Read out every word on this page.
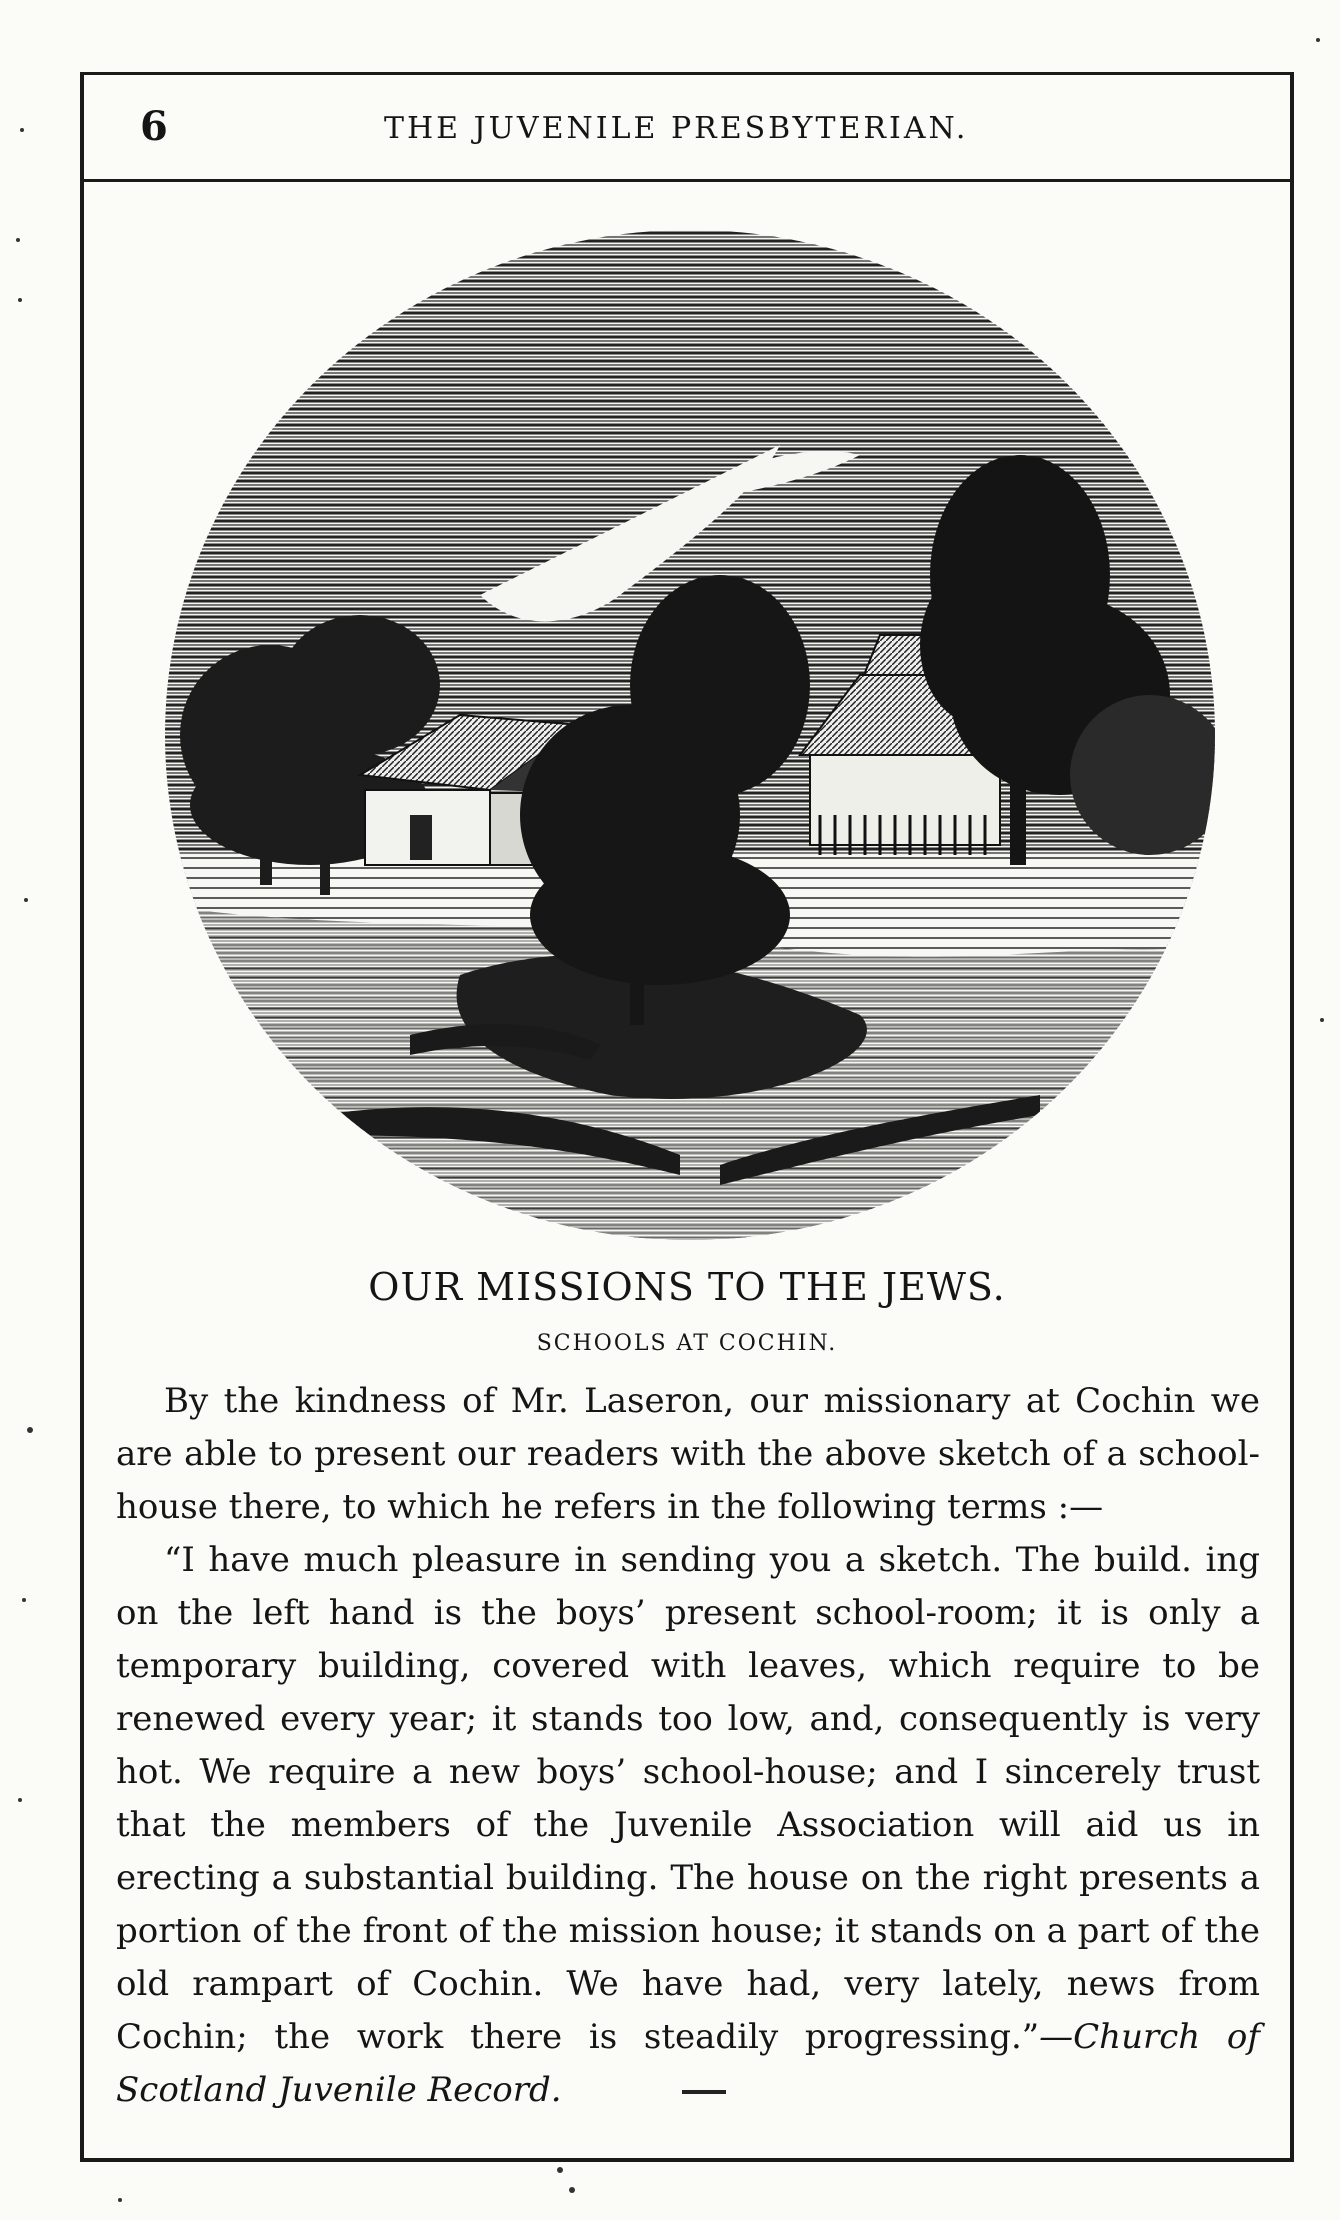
6	THE JUVENILE PRESBYTERIAN.
OUR MISSIONS TO THE JEWS.
SCHOOLS AT COCHIN.

By the kindness of Mr. Laseron, our missionary at Cochin we are able to present our readers with the above sketch of a school-house there, to which he refers in the following terms :—

“I have much pleasure in sending you a sketch. The build. ing on the left hand is the boys’ present school-room; it is only a temporary building, covered with leaves, which require to be renewed every year; it stands too low, and, consequently is very hot. We require a new boys’ school-house; and I sincerely trust that the members of the Juvenile Association will aid us in erecting a substantial building. The house on the right presents a portion of the front of the mission house; it stands on a part of the old rampart of Cochin. We have had, very lately, news from Cochin; the work there is steadily progressing.”—Church of Scotland Juvenile Record.
